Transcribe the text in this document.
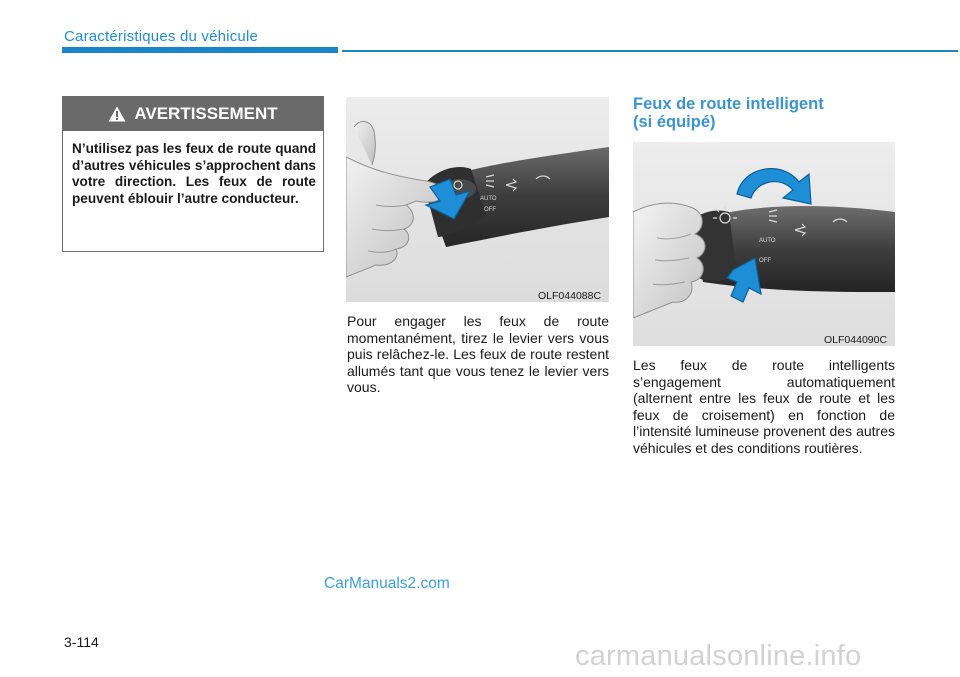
Caractéristiques du véhicule
AVERTISSEMENT
N’utilisez pas les feux de route quand d’autres véhicules s’approchent dans votre direction. Les feux de route peuvent éblouir l’autre conducteur.	AUTO
OFF
OLF044088C
Pour engager les feux de route momentanément, tirez le levier vers vous puis relâchez-le. Les feux de route restent allumés tant que vous tenez le levier vers vous.
Feux de route intelligent
(si équipé)
AUTO
OFF
OLF044090C
Les feux de route intelligents s’engagement automatiquement (alternent entre les feux de route et les feux de croisement) en fonction de l’intensité lumineuse provenent des autres véhicules et des conditions routières.
CarManuals2.com
3-114	carmanualsonline.info
